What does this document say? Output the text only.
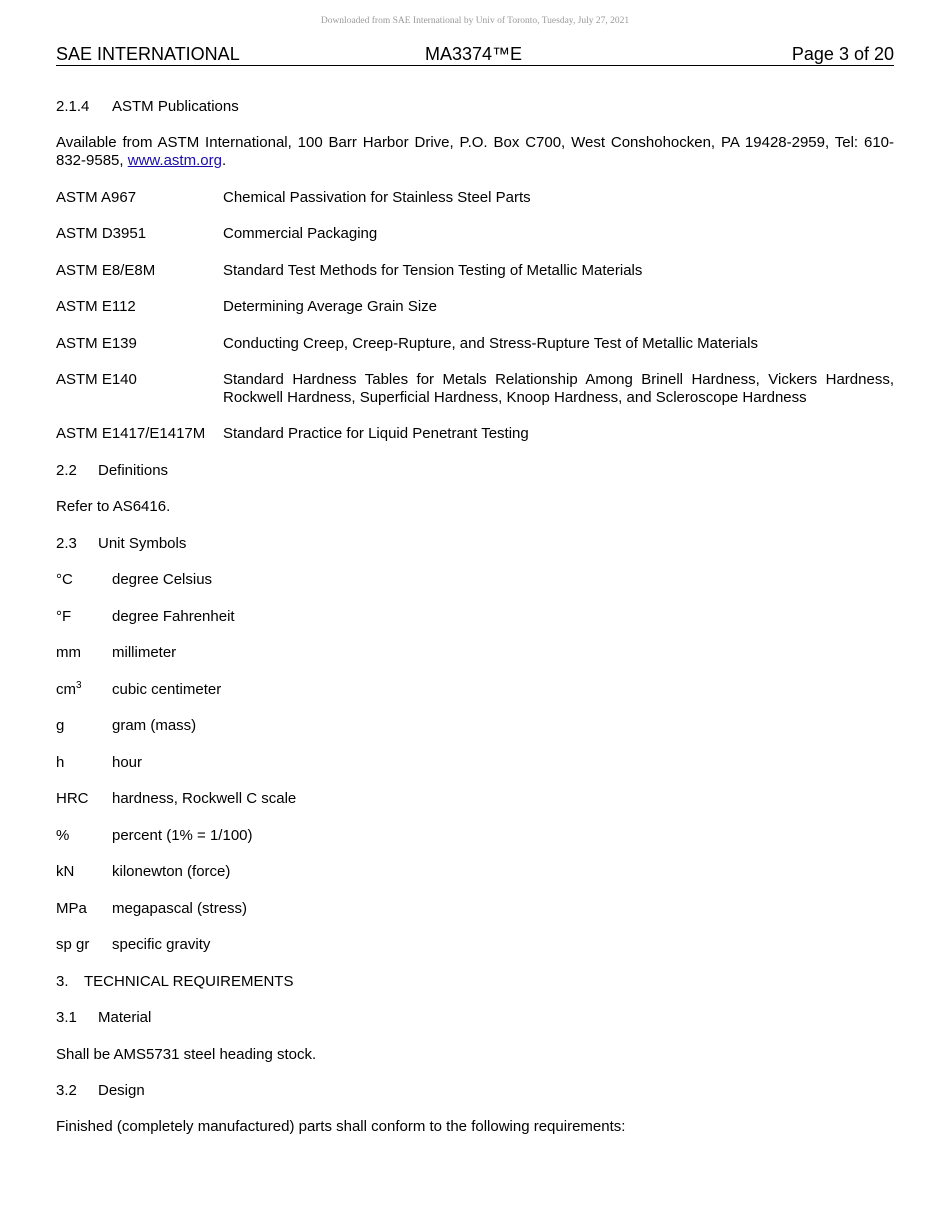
Downloaded from SAE International by Univ of Toronto, Tuesday, July 27, 2021
SAE INTERNATIONAL	MA3374™E	Page 3 of 20
2.1.4 ASTM Publications
Available from ASTM International, 100 Barr Harbor Drive, P.O. Box C700, West Conshohocken, PA 19428-2959, Tel: 610-832-9585, www.astm.org.
ASTM A967	Chemical Passivation for Stainless Steel Parts
ASTM D3951	Commercial Packaging
ASTM E8/E8M	Standard Test Methods for Tension Testing of Metallic Materials
ASTM E112	Determining Average Grain Size
ASTM E139	Conducting Creep, Creep-Rupture, and Stress-Rupture Test of Metallic Materials
ASTM E140	Standard Hardness Tables for Metals Relationship Among Brinell Hardness, Vickers Hardness, Rockwell Hardness, Superficial Hardness, Knoop Hardness, and Scleroscope Hardness
ASTM E1417/E1417M Standard Practice for Liquid Penetrant Testing
2.2 Definitions
Refer to AS6416.
2.3 Unit Symbols
°C	degree Celsius
°F	degree Fahrenheit
mm millimeter
$cm^3$ cubic centimeter
g	gram (mass)
h	hour
HRC hardness, Rockwell C scale
%	percent (1% = 1/100)
kN	kilonewton (force)
MPa megapascal (stress)
sp gr specific gravity
3. TECHNICAL REQUIREMENTS
3.1 Material
Shall be AMS5731 steel heading stock.
3.2 Design
Finished (completely manufactured) parts shall conform to the following requirements:
